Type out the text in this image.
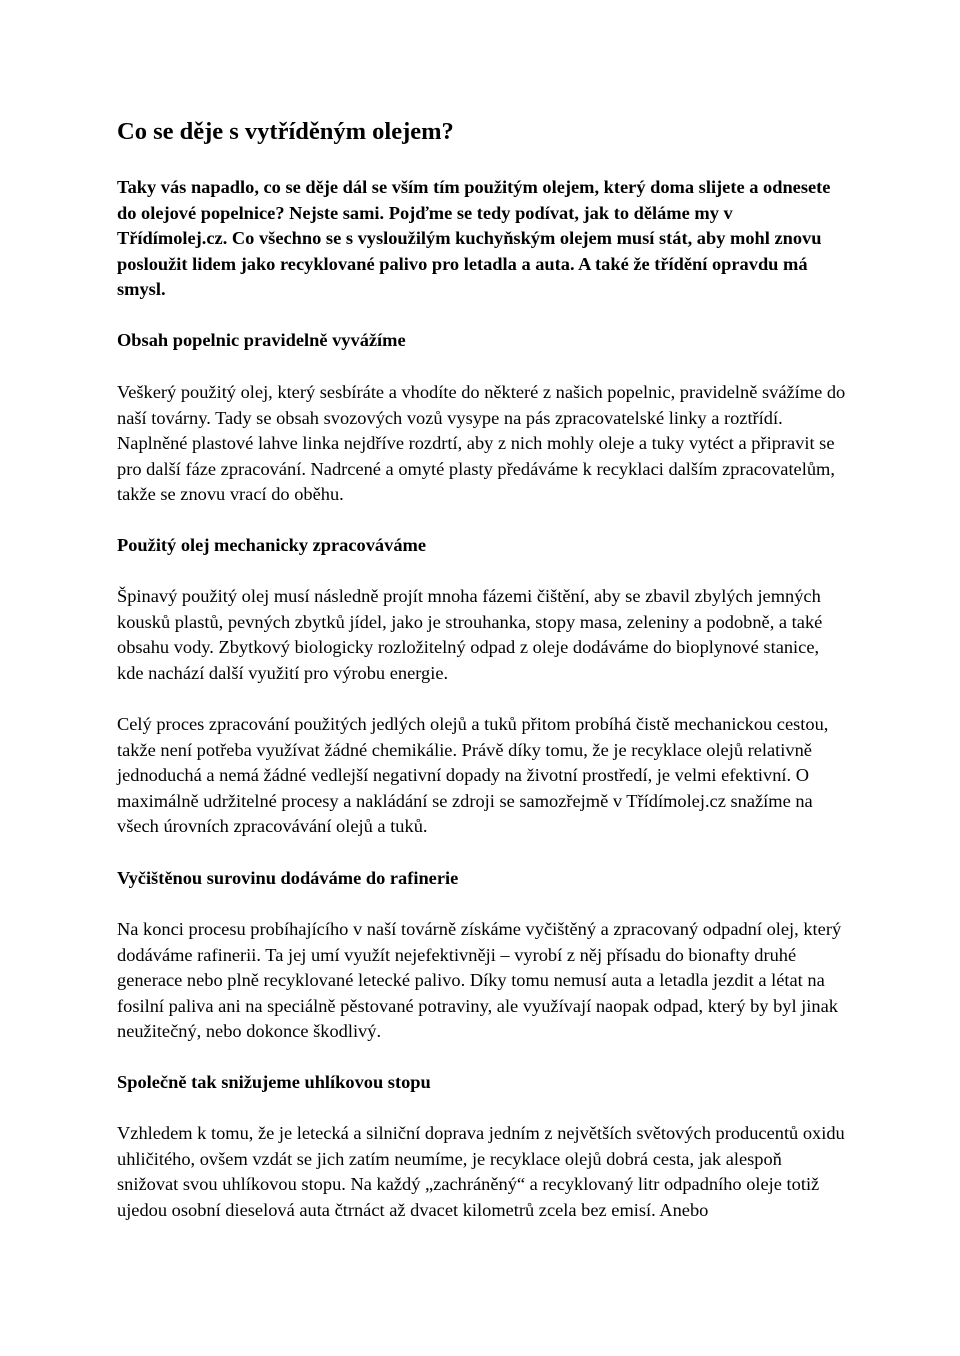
Co se děje s vytříděným olejem?

Taky vás napadlo, co se děje dál se vším tím použitým olejem, který doma slijete a odnesete do olejové popelnice? Nejste sami. Pojďme se tedy podívat, jak to děláme my v Třídímolej.cz. Co všechno se s vysloužilým kuchyňským olejem musí stát, aby mohl znovu posloužit lidem jako recyklované palivo pro letadla a auta. A také že třídění opravdu má smysl.

Obsah popelnic pravidelně vyvážíme

Veškerý použitý olej, který sesbíráte a vhodíte do některé z našich popelnic, pravidelně svážíme do naší továrny. Tady se obsah svozových vozů vysype na pás zpracovatelské linky a roztřídí. Naplněné plastové lahve linka nejdříve rozdrtí, aby z nich mohly oleje a tuky vytéct a připravit se pro další fáze zpracování. Nadrcené a omyté plasty předáváme k recyklaci dalším zpracovatelům, takže se znovu vrací do oběhu.

Použitý olej mechanicky zpracováváme

Špinavý použitý olej musí následně projít mnoha fázemi čištění, aby se zbavil zbylých jemných kousků plastů, pevných zbytků jídel, jako je strouhanka, stopy masa, zeleniny a podobně, a také obsahu vody. Zbytkový biologicky rozložitelný odpad z oleje dodáváme do bioplynové stanice, kde nachází další využití pro výrobu energie.

Celý proces zpracování použitých jedlých olejů a tuků přitom probíhá čistě mechanickou cestou, takže není potřeba využívat žádné chemikálie. Právě díky tomu, že je recyklace olejů relativně jednoduchá a nemá žádné vedlejší negativní dopady na životní prostředí, je velmi efektivní. O maximálně udržitelné procesy a nakládání se zdroji se samozřejmě v Třídímolej.cz snažíme na všech úrovních zpracovávání olejů a tuků.

Vyčištěnou surovinu dodáváme do rafinerie

Na konci procesu probíhajícího v naší továrně získáme vyčištěný a zpracovaný odpadní olej, který dodáváme rafinerii. Ta jej umí využít nejefektivněji – vyrobí z něj přísadu do bionafty druhé generace nebo plně recyklované letecké palivo. Díky tomu nemusí auta a letadla jezdit a létat na fosilní paliva ani na speciálně pěstované potraviny, ale využívají naopak odpad, který by byl jinak neužitečný, nebo dokonce škodlivý.

Společně tak snižujeme uhlíkovou stopu

Vzhledem k tomu, že je letecká a silniční doprava jedním z největších světových producentů oxidu uhličitého, ovšem vzdát se jich zatím neumíme, je recyklace olejů dobrá cesta, jak alespoň snižovat svou uhlíkovou stopu. Na každý „zachráněný“ a recyklovaný litr odpadního oleje totiž ujedou osobní dieselová auta čtrnáct až dvacet kilometrů zcela bez emisí. Anebo
